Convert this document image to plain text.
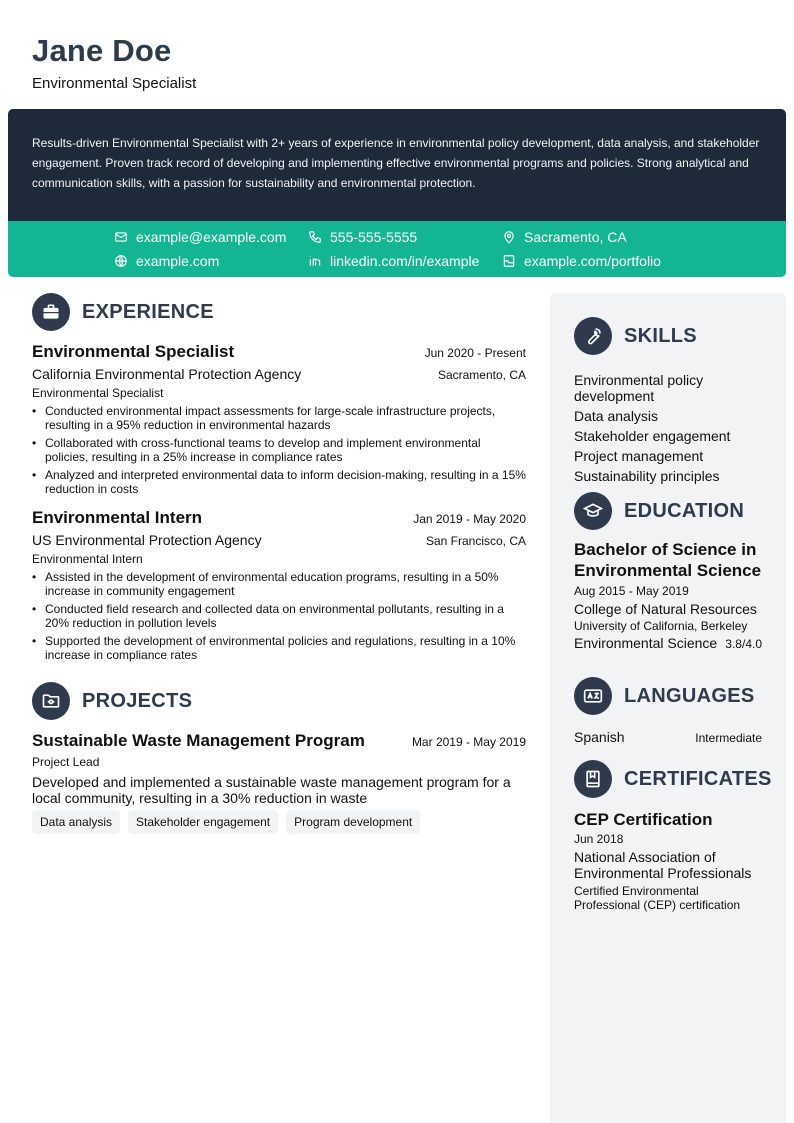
Jane Doe
Environmental Specialist
Results-driven Environmental Specialist with 2+ years of experience in environmental policy development, data analysis, and stakeholder engagement. Proven track record of developing and implementing effective environmental programs and policies. Strong analytical and communication skills, with a passion for sustainability and environmental protection.
example@example.com	555-555-5555	Sacramento, CA
example.com	linkedin.com/in/example	example.com/portfolio
EXPERIENCE
Environmental Specialist	Jun 2020 - Present
California Environmental Protection Agency	Sacramento, CA
Environmental Specialist
• Conducted environmental impact assessments for large-scale infrastructure projects, resulting in a 95% reduction in environmental hazards
• Collaborated with cross-functional teams to develop and implement environmental policies, resulting in a 25% increase in compliance rates
• Analyzed and interpreted environmental data to inform decision-making, resulting in a 15% reduction in costs
Environmental Intern	Jan 2019 - May 2020
US Environmental Protection Agency	San Francisco, CA
Environmental Intern
• Assisted in the development of environmental education programs, resulting in a 50% increase in community engagement
• Conducted field research and collected data on environmental pollutants, resulting in a 20% reduction in pollution levels
• Supported the development of environmental policies and regulations, resulting in a 10% increase in compliance rates
PROJECTS
Sustainable Waste Management Program	Mar 2019 - May 2019
Project Lead
Developed and implemented a sustainable waste management program for a local community, resulting in a 30% reduction in waste
Data analysis	Stakeholder engagement	Program development
SKILLS
Environmental policy development
Data analysis
Stakeholder engagement
Project management
Sustainability principles
EDUCATION
Bachelor of Science in Environmental Science
Aug 2015 - May 2019
College of Natural Resources
University of California, Berkeley
Environmental Science 3.8/4.0
LANGUAGES
Spanish	Intermediate
CERTIFICATES
CEP Certification
Jun 2018
National Association of Environmental Professionals
Certified Environmental Professional (CEP) certification
